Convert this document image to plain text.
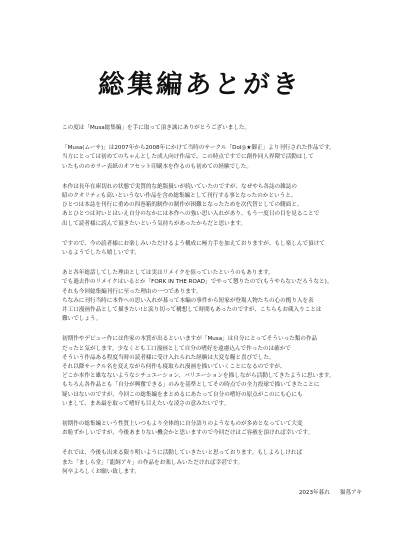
総集編あとがき
この度は「Musa総集編」を手に取って頂き誠にありがとうございました。
「Musa(ムーサ)」は2007年から2008年にかけて当時のサークル「Dol◎★御正」より刊行された作品です。
当方にとっては初めてのちゃんとした成人向け作品で、この時点ですでに創作同人界隈で活動はして
いたもののカラー表紙のオフセット印刷本を作るのも初めての経験でした。
本作は長年在庫切れの状態で実質的な絶版扱いが続いていたのですが、なぜやら各誌の雑誌の
昭のクオリティも高いというない作品を含め総集編として刊行する事となったのかというと、
ひとつは本誌を刊行に重めの四巻箱的制作の制作が困難となったためを次代替としての側面と、
あとひとつは対いとはいえ自分のなかには本作への強い思い入れがあり、もう一度日の目を見ることで
出して読者様に読んで頂きたいという気持ちがあったからだと思います。
ですので、今の読者様にお楽しみいただけるよう構成に極力手を加えておりますが、もし楽しんで頂けて
いるようでしたら嬉しいです。
あと各年総話してした理由としては実はリメイクを狙っていたというのもあります。
でも過去作のリメイクはいるとか「FORK IN THE ROAD」でやって懲りたので(もうやらないだろうなと)。
それも今回総集編刊行に至った理由の一つであります。
ちなみに刊行当時に本作への思い入れが募って本編の事件から短家が登場人物たちの心の拠り入を表
井工口漫画作品として描きたい!と涙り切って構想して時間もあったのですが、こちらもお蔵入りことは
難いでしょう。
初期作やデビュー作には作家の本質が出るといいますが「Musa」は自分にとってそういった類の作品
だったと気がします。少なくとも工口漫画として自分の嗜好を遠慮込んで作ったのは確かで
そういう作品ある程度当時の読者様に受け入れられた経験は大変な糧と喜びでした。
それ以降サークル名を変えながら何作も寝取られ漫画を描いていくことになるのですが、
どこか本作と雄なないようなシチュエーション、バリエーションを描しながら活動してきたように思います。
もちろん各作品とも「自分が興奮できる」のみを基準としてその時点での全力投球で描いてきたことに
疑いはないのですが、今回この総集編をまとめるにあたって自分の嗜好の原点がこのにも心にも
いまして、まあ最を取って嗜好も目えたいな凌さの意みたいです。
初期作の総集編という性質上いつもより全体的に自分語りのようなものが多めとなっていて大変
お恥ずかしいですが、今後あまりない機会かと思いますので今回だけはご容赦を頂ければ幸いです。
それでは、今後も出来る限り明いように活動していきたいと思っております。もしよろしければ
また「ましら堂」「龍飼アキ」の作品をお楽しみいただければ幸甚です。
何卒よろしくお願い致します。
2023年暮れ 猫蔦アキ
